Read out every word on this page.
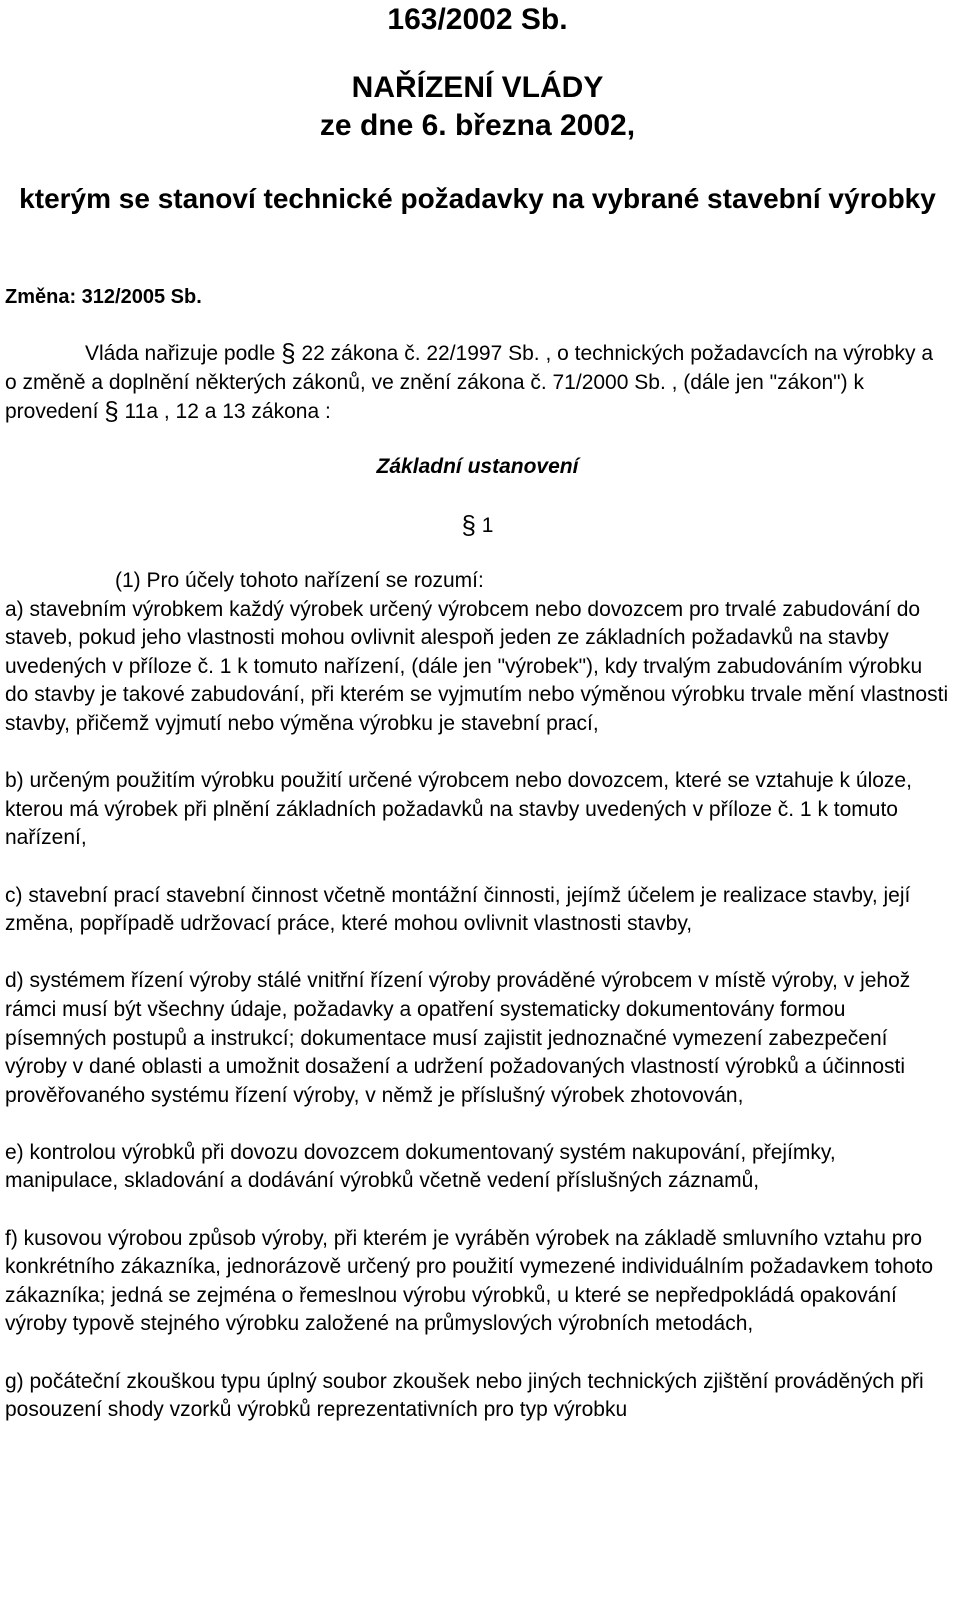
163/2002 Sb.
NAŘÍZENÍ VLÁDY
ze dne 6. března 2002,
kterým se stanoví technické požadavky na vybrané stavební výrobky
Změna: 312/2005 Sb.
Vláda nařizuje podle § 22 zákona č. 22/1997 Sb. , o technických požadavcích na výrobky a o změně a doplnění některých zákonů, ve znění zákona č. 71/2000 Sb. , (dále jen "zákon") k provedení § 11a , 12 a 13 zákona :
Základní ustanovení
§ 1

(1) Pro účely tohoto nařízení se rozumí:

a) stavebním výrobkem každý výrobek určený výrobcem nebo dovozcem pro trvalé zabudování do staveb, pokud jeho vlastnosti mohou ovlivnit alespoň jeden ze základních požadavků na stavby uvedených v příloze č. 1 k tomuto nařízení, (dále jen "výrobek"), kdy trvalým zabudováním výrobku do stavby je takové zabudování, při kterém se vyjmutím nebo výměnou výrobku trvale mění vlastnosti stavby, přičemž vyjmutí nebo výměna výrobku je stavební prací,

b) určeným použitím výrobku použití určené výrobcem nebo dovozcem, které se vztahuje k úloze, kterou má výrobek při plnění základních požadavků na stavby uvedených v příloze č. 1 k tomuto nařízení,

c) stavební prací stavební činnost včetně montážní činnosti, jejímž účelem je realizace stavby, její změna, popřípadě udržovací práce, které mohou ovlivnit vlastnosti stavby,

d) systémem řízení výroby stálé vnitřní řízení výroby prováděné výrobcem v místě výroby, v jehož rámci musí být všechny údaje, požadavky a opatření systematicky dokumentovány formou písemných postupů a instrukcí; dokumentace musí zajistit jednoznačné vymezení zabezpečení výroby v dané oblasti a umožnit dosažení a udržení požadovaných vlastností výrobků a účinnosti prověřovaného systému řízení výroby, v němž je příslušný výrobek zhotovován,

e) kontrolou výrobků při dovozu dovozcem dokumentovaný systém nakupování, přejímky, manipulace, skladování a dodávání výrobků včetně vedení příslušných záznamů,

f) kusovou výrobou způsob výroby, při kterém je vyráběn výrobek na základě smluvního vztahu pro konkrétního zákazníka, jednorázově určený pro použití vymezené individuálním požadavkem tohoto zákazníka; jedná se zejména o řemeslnou výrobu výrobků, u které se nepředpokládá opakování výroby typově stejného výrobku založené na průmyslových výrobních metodách,

g) počáteční zkouškou typu úplný soubor zkoušek nebo jiných technických zjištění prováděných při posouzení shody vzorků výrobků reprezentativních pro typ výrobku
